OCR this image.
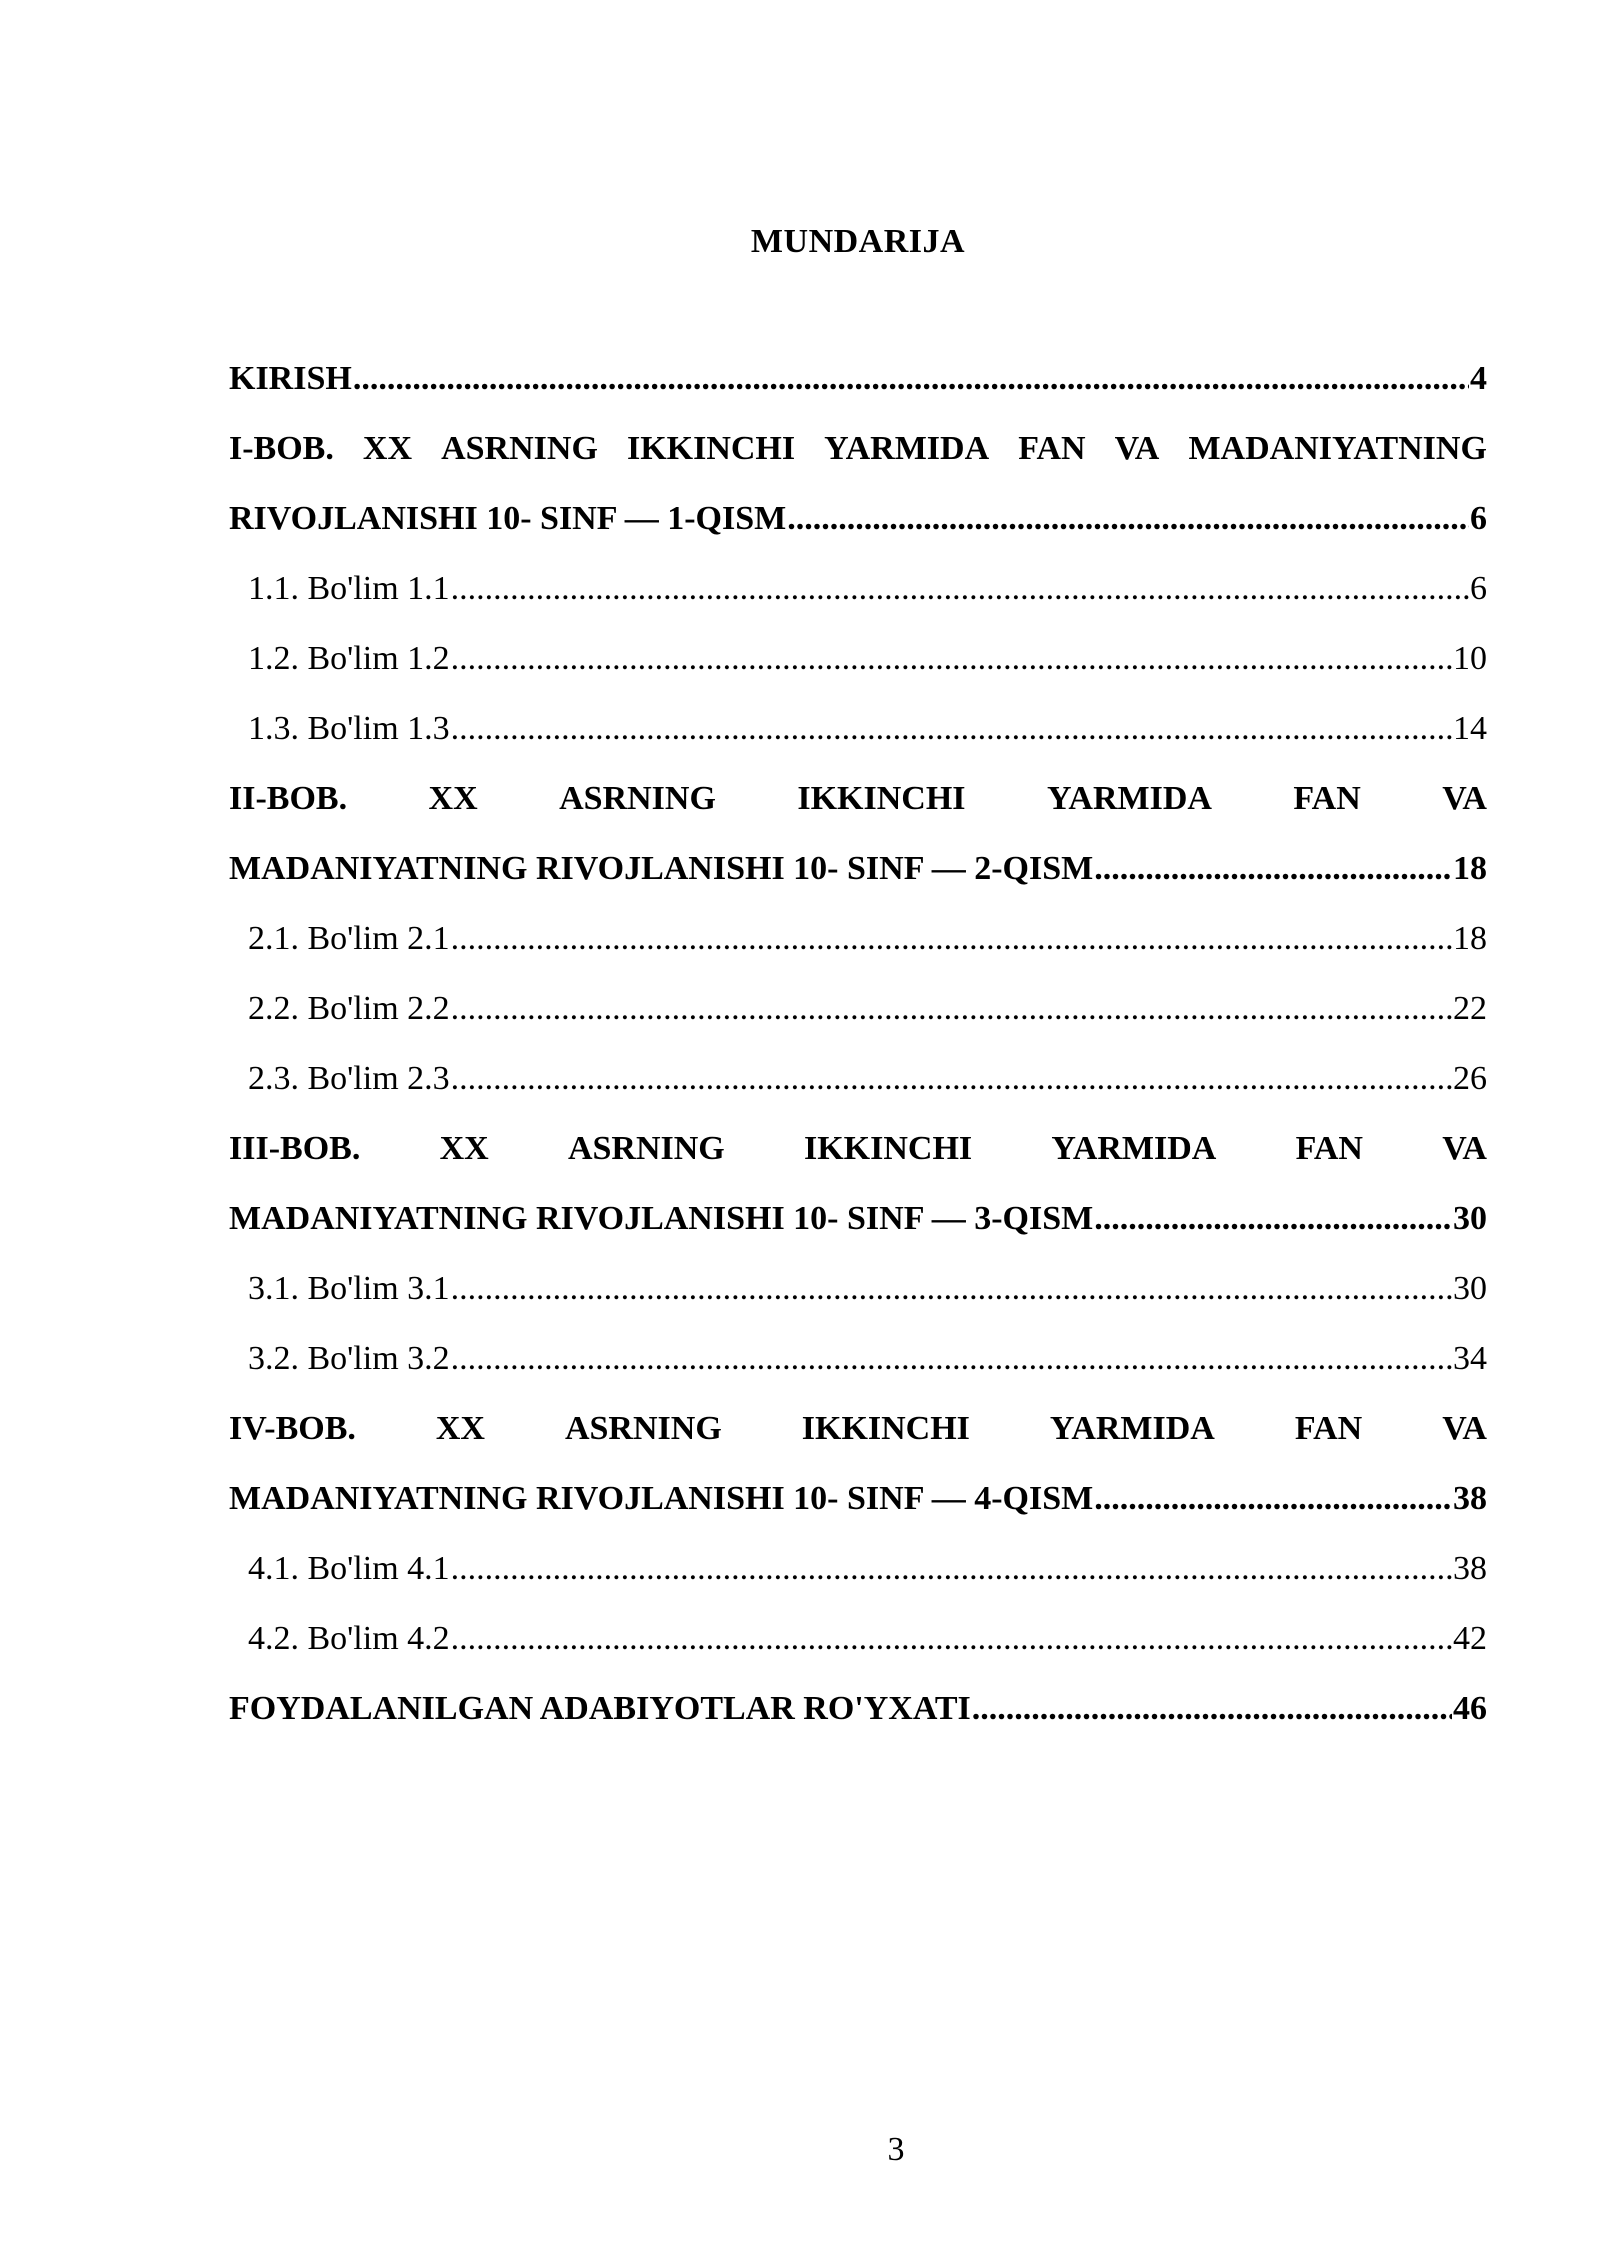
MUNDARIJA
KIRISH .....	4
I-BOB. XX ASRNING IKKINCHI YARMIDA FAN VA MADANIYATNING
RIVOJLANISHI 10- SINF — 1-QISM .....	6
1.1. Bo'lim 1.1 .....	6
1.2. Bo'lim 1.2 .....	10
1.3. Bo'lim 1.3 .....	14
II-BOB. XX ASRNING IKKINCHI YARMIDA FAN VA
MADANIYATNING RIVOJLANISHI 10- SINF — 2-QISM .....	18
2.1. Bo'lim 2.1 .....	18
2.2. Bo'lim 2.2 .....	22
2.3. Bo'lim 2.3 .....	26
III-BOB. XX ASRNING IKKINCHI YARMIDA FAN VA
MADANIYATNING RIVOJLANISHI 10- SINF — 3-QISM .....	30
3.1. Bo'lim 3.1 .....	30
3.2. Bo'lim 3.2 .....	34
IV-BOB. XX ASRNING IKKINCHI YARMIDA FAN VA
MADANIYATNING RIVOJLANISHI 10- SINF — 4-QISM .....	38
4.1. Bo'lim 4.1 .....	38
4.2. Bo'lim 4.2 .....	42
FOYDALANILGAN ADABIYOTLAR RO'YXATI .....	46
3
